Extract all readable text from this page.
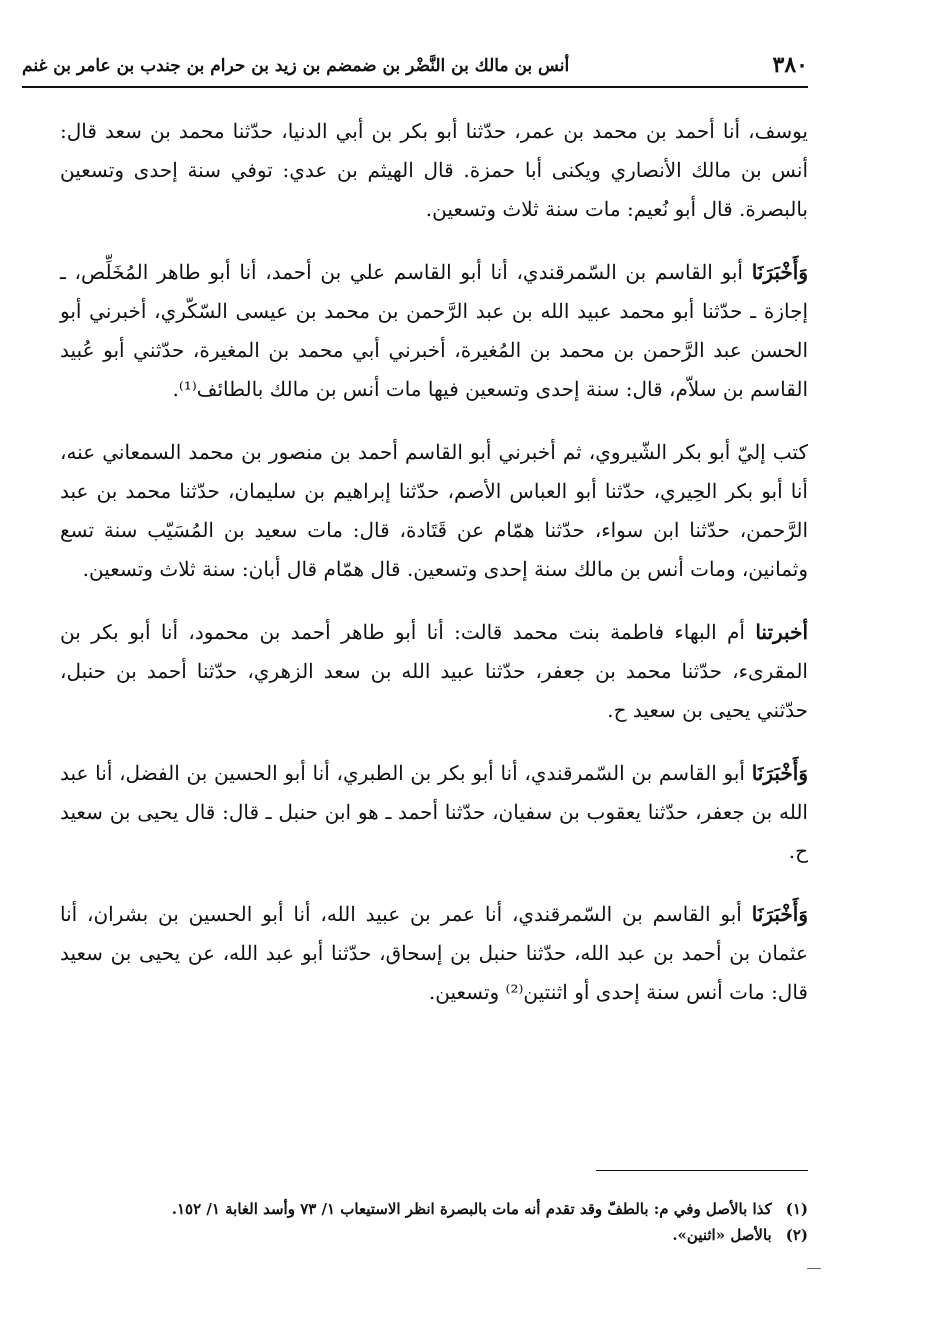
٣٨٠
أنس بن مالك بن النَّضْر بن ضمضم بن زيد بن حرام بن جندب بن عامر بن غنم

يوسف، أنا أحمد بن محمد بن عمر، حدّثنا أبو بكر بن أبي الدنيا، حدّثنا محمد بن سعد قال: أنس بن مالك الأنصاري ويكنى أبا حمزة. قال الهيثم بن عدي: توفي سنة إحدى وتسعين بالبصرة. قال أبو نُعيم: مات سنة ثلاث وتسعين.

وَأَخْبَرَنَا أبو القاسم بن السّمرقندي، أنا أبو القاسم علي بن أحمد، أنا أبو طاهر المُخَلِّص، ـ إجازة ـ حدّثنا أبو محمد عبيد الله بن عبد الرَّحمن بن محمد بن عيسى السّكّري، أخبرني أبو الحسن عبد الرَّحمن بن محمد بن المُغيرة، أخبرني أبي محمد بن المغيرة، حدّثني أبو عُبيد القاسم بن سلاّم، قال: سنة إحدى وتسعين فيها مات أنس بن مالك بالطائف⁽¹⁾.

كتب إليّ أبو بكر الشّيروي، ثم أخبرني أبو القاسم أحمد بن منصور بن محمد السمعاني عنه، أنا أبو بكر الحِيري، حدّثنا أبو العباس الأصم، حدّثنا إبراهيم بن سليمان، حدّثنا محمد بن عبد الرَّحمن، حدّثنا ابن سواء، حدّثنا همّام عن قَتَادة، قال: مات سعيد بن المُسَيّب سنة تسع وثمانين، ومات أنس بن مالك سنة إحدى وتسعين. قال همّام قال أبان: سنة ثلاث وتسعين.

أخبرتنا أم البهاء فاطمة بنت محمد قالت: أنا أبو طاهر أحمد بن محمود، أنا أبو بكر بن المقرىء، حدّثنا محمد بن جعفر، حدّثنا عبيد الله بن سعد الزهري، حدّثنا أحمد بن حنبل، حدّثني يحيى بن سعيد ح.

وَأَخْبَرَنَا أبو القاسم بن السّمرقندي، أنا أبو بكر بن الطبري، أنا أبو الحسين بن الفضل، أنا عبد الله بن جعفر، حدّثنا يعقوب بن سفيان، حدّثنا أحمد ـ هو ابن حنبل ـ قال: قال يحيى بن سعيد ح.

وَأَخْبَرَنَا أبو القاسم بن السّمرقندي، أنا عمر بن عبيد الله، أنا أبو الحسين بن بشران، أنا عثمان بن أحمد بن عبد الله، حدّثنا حنبل بن إسحاق، حدّثنا أبو عبد الله، عن يحيى بن سعيد قال: مات أنس سنة إحدى أو اثنتين⁽²⁾ وتسعين.

(١)كذا بالأصل وفي م: بالطفّ وقد تقدم أنه مات بالبصرة انظر الاستيعاب ١/ ٧٣ وأسد الغابة ١/ ١٥٢.
(٢)بالأصل «اثنين».
